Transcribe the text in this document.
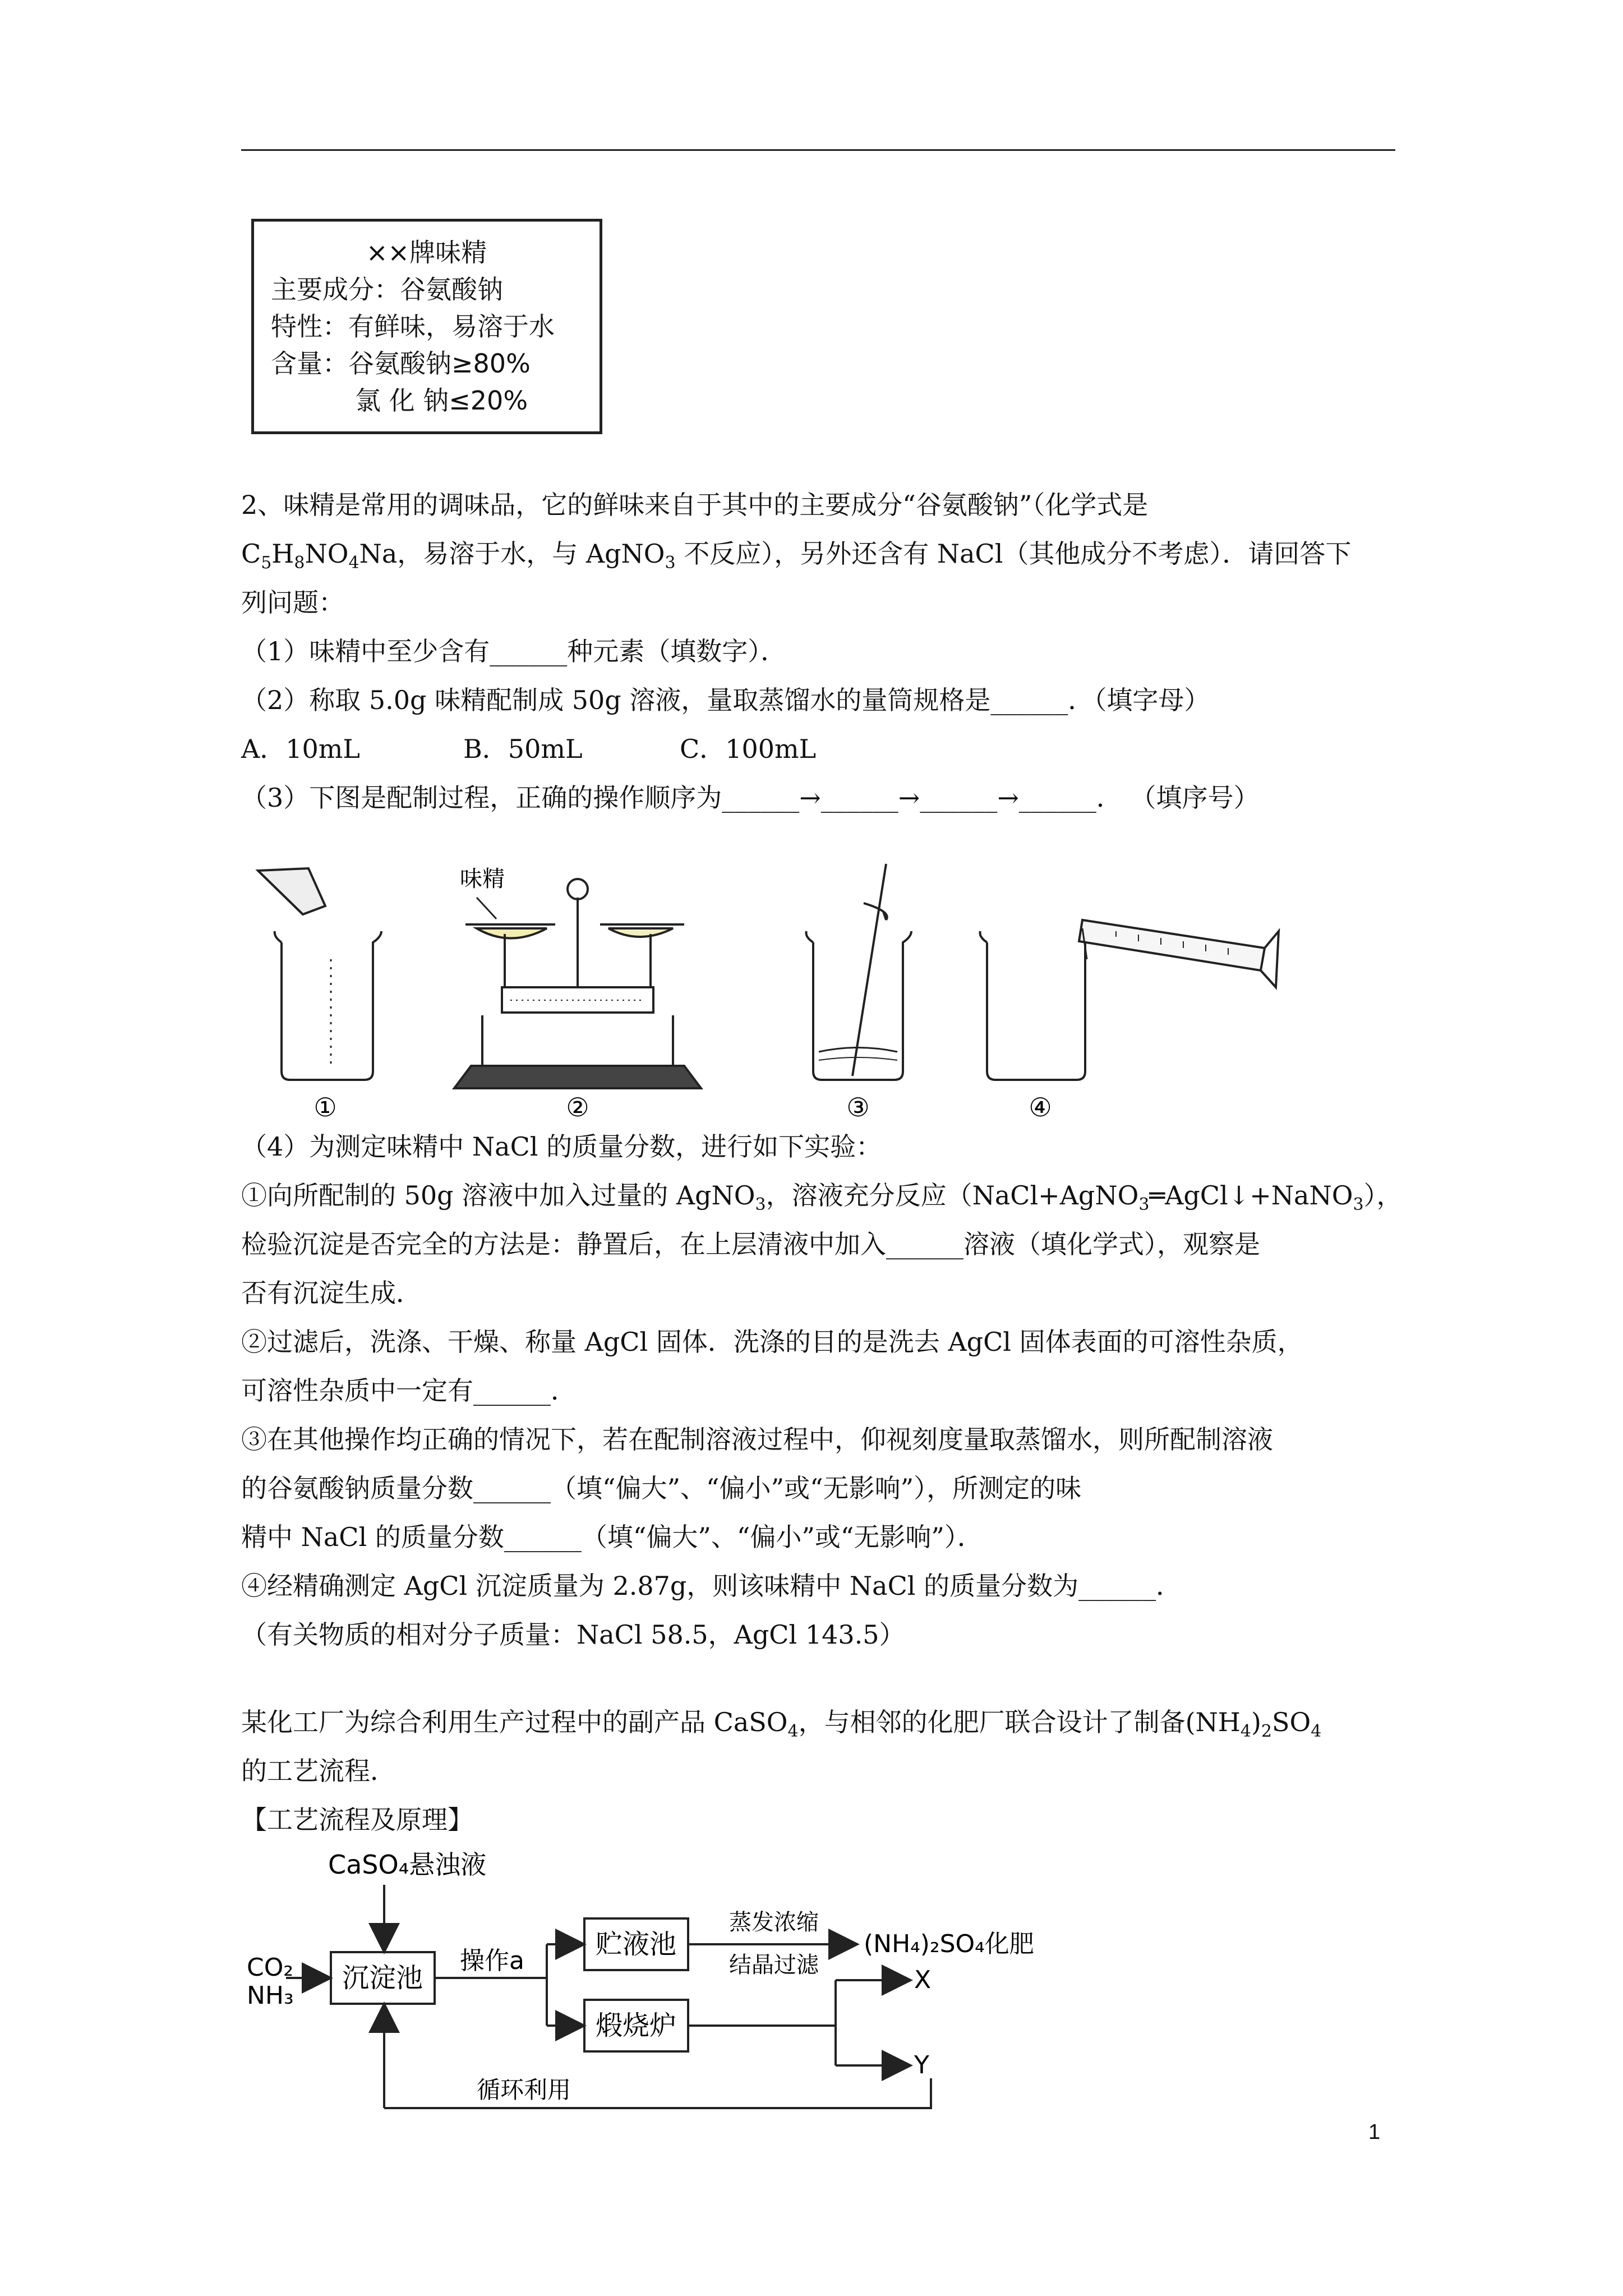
××牌味精
主要成分：谷氨酸钠
特性：有鲜味，易溶于水
含量：谷氨酸钠≥80%
氯 化 钠≤20%
2、味精是常用的调味品，它的鲜味来自于其中的主要成分“谷氨酸钠”（化学式是
$C_5H_8NO_4Na$，易溶于水，与 AgNO$_3$ 不反应），另外还含有 NaCl（其他成分不考虑）．请回答下
列问题：
（1）味精中至少含有______种元素（填数字）．
（2）称取 5.0g 味精配制成 50g 溶液，量取蒸馏水的量筒规格是______．（填字母）
A．10mL	B．50mL	C．100mL
（3）下图是配制过程，正确的操作顺序为______→______→______→______． （填序号）
味精
①	②	③	④
（4）为测定味精中 NaCl 的质量分数，进行如下实验：
①向所配制的 50g 溶液中加入过量的 AgNO$_3$，溶液充分反应（NaCl+AgNO$_3$═AgCl↓+NaNO$_3$），
检验沉淀是否完全的方法是：静置后，在上层清液中加入______溶液（填化学式），观察是
否有沉淀生成．
②过滤后，洗涤、干燥、称量 AgCl 固体．洗涤的目的是洗去 AgCl 固体表面的可溶性杂质，
可溶性杂质中一定有______．
③在其他操作均正确的情况下，若在配制溶液过程中，仰视刻度量取蒸馏水，则所配制溶液
的谷氨酸钠质量分数______（填“偏大”、“偏小”或“无影响”），所测定的味
精中 NaCl 的质量分数______（填“偏大”、“偏小”或“无影响”）．
④经精确测定 AgCl 沉淀质量为 2.87g，则该味精中 NaCl 的质量分数为______．
（有关物质的相对分子质量：NaCl 58.5，AgCl 143.5）
某化工厂为综合利用生产过程中的副产品 CaSO$_4$，与相邻的化肥厂联合设计了制备$(NH_4)_2SO_4$
的工艺流程．
【工艺流程及原理】
CaSO₄悬浊液
CO₂
NH₃
沉淀池
操作a
贮液池
蒸发浓缩
结晶过滤
(NH₄)₂SO₄化肥
煅烧炉
X
Y
循环利用
1
